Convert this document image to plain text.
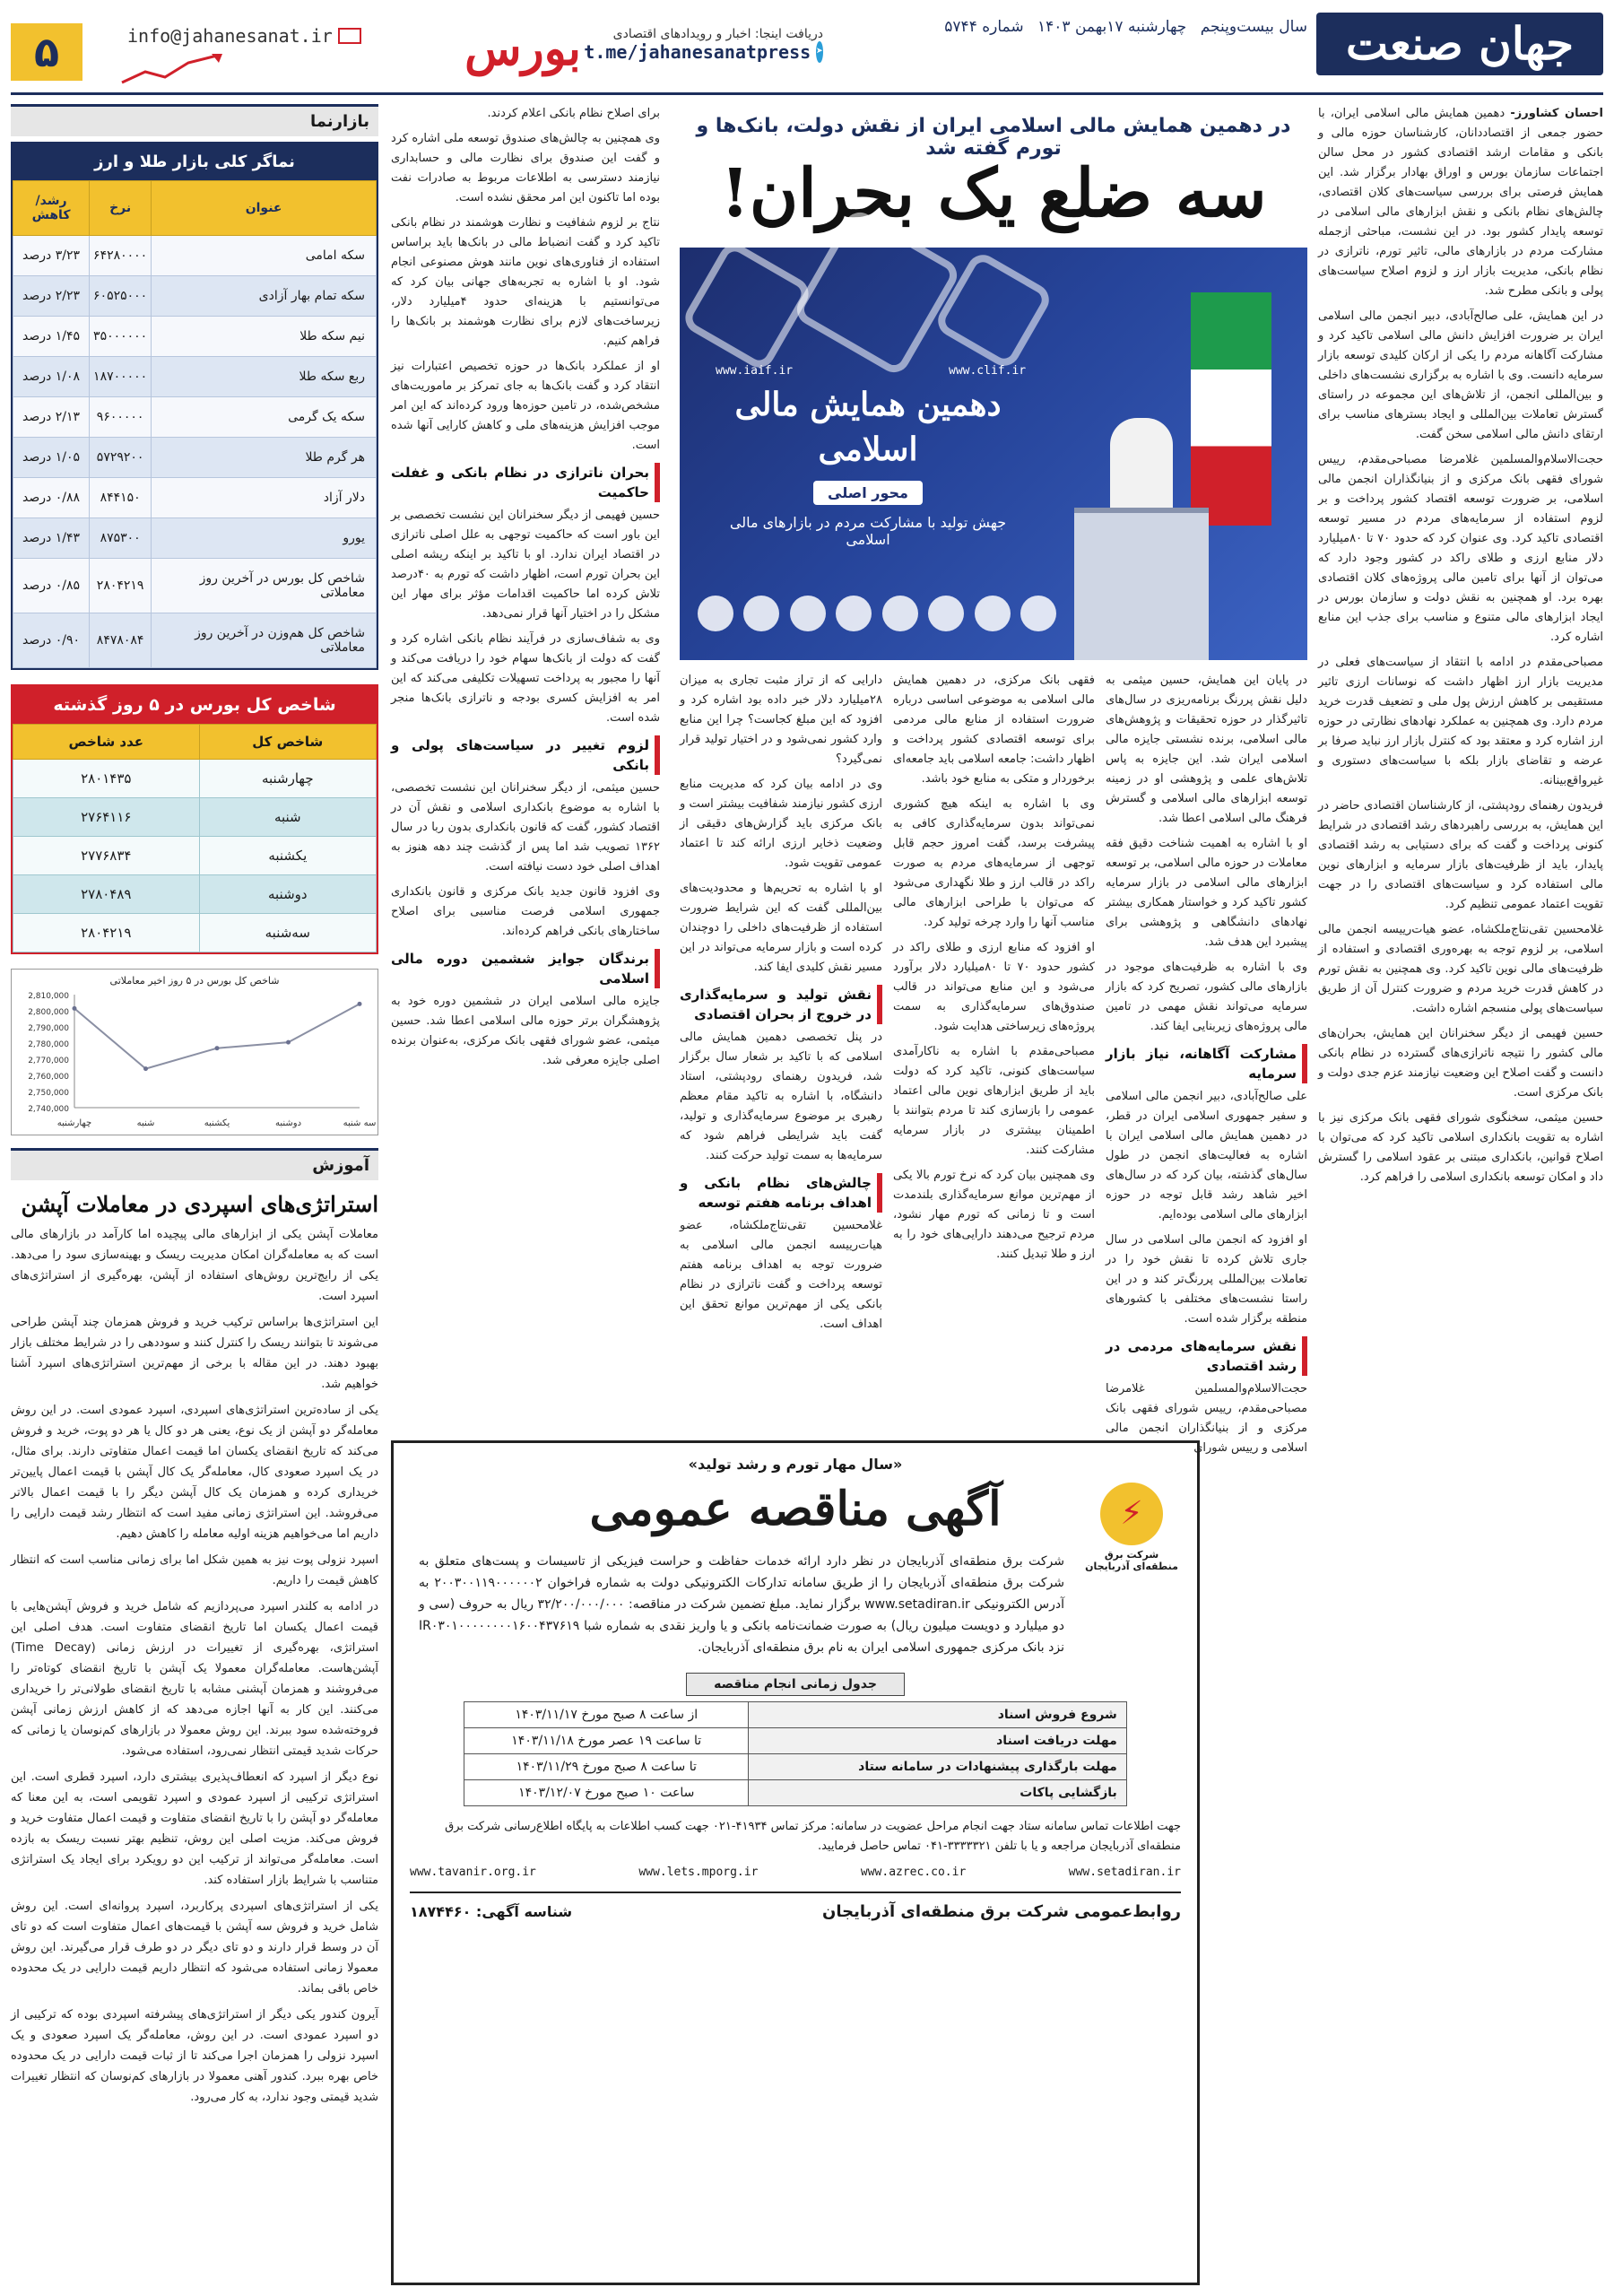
جهان صنعت
سال بیست‌وپنجم چهارشنبه ۱۷بهمن ۱۴۰۳ شماره ۵۷۴۴
دریافت اینجا: اخبار و رویدادهای اقتصادی
t.me/jahanesanatpress ➤
بورس
info@jahanesanat.ir
۵
بازارنما
نماگر کلی بازار طلا و ارز
عنوان	نرخ	رشد/کاهش
سکه امامی	۶۴۲۸۰۰۰۰	۳/۲۳ درصد
سکه تمام بهار آزادی	۶۰۵۲۵۰۰۰	۲/۲۳ درصد
نیم سکه طلا	۳۵۰۰۰۰۰۰	۱/۴۵ درصد
ربع سکه طلا	۱۸۷۰۰۰۰۰	۱/۰۸ درصد
سکه یک گرمی	۹۶۰۰۰۰۰	۲/۱۳ درصد
هر گرم طلا	۵۷۲۹۲۰۰	۱/۰۵ درصد
دلار آزاد	۸۴۴۱۵۰	۰/۸۸ درصد
یورو	۸۷۵۳۰۰	۱/۴۳ درصد
شاخص کل بورس در آخرین روز معاملاتی	۲۸۰۴۲۱۹	۰/۸۵ درصد
شاخص کل هم‌وزن در آخرین روز معاملاتی	۸۴۷۸۰۸۴	۰/۹۰ درصد
شاخص کل بورس در ۵ روز گذشته
شاخص کل	عدد شاخص
چهارشنبه	۲۸۰۱۴۳۵
شنبه	۲۷۶۴۱۱۶
یکشنبه	۲۷۷۶۸۳۴
دوشنبه	۲۷۸۰۴۸۹
سه‌شنبه	۲۸۰۴۲۱۹
شاخص کل بورس در ۵ روز اخیر معاملاتی
2,740,000
2,750,000
2,760,000
2,770,000
2,780,000
2,790,000
2,800,000
2,810,000
چهارشنبه	شنبه	یکشنبه	دوشنبه	سه شنبه
آموزش
استراتژی‌های اسپردی در معاملات آپشن

معاملات آپشن یکی از ابزارهای مالی پیچیده اما کارآمد در بازارهای مالی است که به معامله‌گران امکان مدیریت ریسک و بهینه‌سازی سود را می‌دهد. یکی از رایج‌ترین روش‌های استفاده از آپشن، بهره‌گیری از استراتژی‌های اسپرد است.

این استراتژی‌ها براساس ترکیب خرید و فروش همزمان چند آپشن طراحی می‌شوند تا بتوانند ریسک را کنترل کنند و سوددهی را در شرایط مختلف بازار بهبود دهند. در این مقاله با برخی از مهم‌ترین استراتژی‌های اسپرد آشنا خواهیم شد.

یکی از ساده‌ترین استراتژی‌های اسپردی، اسپرد عمودی است. در این روش معامله‌گر دو آپشن از یک نوع، یعنی هر دو کال یا هر دو پوت، خرید و فروش می‌کند که تاریخ انقضای یکسان اما قیمت اعمال متفاوتی دارند. برای مثال، در یک اسپرد صعودی کال، معامله‌گر یک کال آپشن با قیمت اعمال پایین‌تر خریداری کرده و همزمان یک کال آپشن دیگر را با قیمت اعمال بالاتر می‌فروشد. این استراتژی زمانی مفید است که انتظار رشد قیمت دارایی را داریم اما می‌خواهیم هزینه اولیه معامله را کاهش دهیم.

اسپرد نزولی پوت نیز به همین شکل اما برای زمانی مناسب است که انتظار کاهش قیمت را داریم.

در ادامه به کلندر اسپرد می‌پردازیم که شامل خرید و فروش آپشن‌هایی با قیمت اعمال یکسان اما تاریخ انقضای متفاوت است. هدف اصلی این استراتژی، بهره‌گیری از تغییرات در ارزش زمانی (Time Decay) آپشن‌هاست. معامله‌گران معمولا یک آپشن با تاریخ انقضای کوتاه‌تر را می‌فروشند و همزمان آپشنی مشابه با تاریخ انقضای طولانی‌تر را خریداری می‌کنند. این کار به آنها اجازه می‌دهد که از کاهش ارزش زمانی آپشن فروخته‌شده سود ببرند. این روش معمولا در بازارهای کم‌نوسان یا زمانی که حرکات شدید قیمتی انتظار نمی‌رود، استفاده می‌شود.

نوع دیگر از اسپرد که انعطاف‌پذیری بیشتری دارد، اسپرد قطری است. این استراتژی ترکیبی از اسپرد عمودی و اسپرد تقویمی است، به این معنا که معامله‌گر دو آپشن را با تاریخ انقضای متفاوت و قیمت اعمال متفاوت خرید و فروش می‌کند. مزیت اصلی این روش، تنظیم بهتر نسبت ریسک به بازده است. معامله‌گر می‌تواند از ترکیب این دو رویکرد برای ایجاد یک استراتژی متناسب با شرایط بازار استفاده کند.

یکی از استراتژی‌های اسپردی پرکاربرد، اسپرد پروانه‌ای است. این روش شامل خرید و فروش سه آپشن با قیمت‌های اعمال متفاوت است که دو تای آن در وسط قرار دارند و دو تای دیگر در دو طرف قرار می‌گیرند. این روش معمولا زمانی استفاده می‌شود که انتظار داریم قیمت دارایی در یک محدوده خاص باقی بماند.

آیرون کندور یکی دیگر از استراتژی‌های پیشرفته اسپردی بوده که ترکیبی از دو اسپرد عمودی است. در این روش، معامله‌گر یک اسپرد صعودی و یک اسپرد نزولی را همزمان اجرا می‌کند تا از ثبات قیمت دارایی در یک محدوده خاص بهره ببرد. کندور آهنی معمولا در بازارهای کم‌نوسان که انتظار تغییرات شدید قیمتی وجود ندارد، به کار می‌رود.

احسان کشاورز- دهمین همایش مالی اسلامی ایران، با حضور جمعی از اقتصاددانان، کارشناسان حوزه مالی و بانکی و مقامات ارشد اقتصادی کشور در محل سالن اجتماعات سازمان بورس و اوراق بهادار برگزار شد. این همایش فرصتی برای بررسی سیاست‌های کلان اقتصادی، چالش‌های نظام بانکی و نقش ابزارهای مالی اسلامی در توسعه پایدار کشور بود. در این نشست، مباحثی ازجمله مشارکت مردم در بازارهای مالی، تاثیر تورم، ناترازی در نظام بانکی، مدیریت بازار ارز و لزوم اصلاح سیاست‌های پولی و بانکی مطرح شد.

در این همایش، علی صالح‌آبادی، دبیر انجمن مالی اسلامی ایران بر ضرورت افزایش دانش مالی اسلامی تاکید کرد و مشارکت آگاهانه مردم را یکی از ارکان کلیدی توسعه بازار سرمایه دانست. وی با اشاره به برگزاری نشست‌های داخلی و بین‌المللی انجمن، از تلاش‌های این مجموعه در راستای گسترش تعاملات بین‌المللی و ایجاد بسترهای مناسب برای ارتقای دانش مالی اسلامی سخن گفت.

حجت‌الاسلام‌والمسلمین غلامرضا مصباحی‌مقدم، رییس شورای فقهی بانک مرکزی و از بنیانگذاران انجمن مالی اسلامی، بر ضرورت توسعه اقتصاد کشور پرداخت و بر لزوم استفاده از سرمایه‌های مردم در مسیر توسعه اقتصادی تاکید کرد. وی عنوان کرد که حدود ۷۰ تا ۸۰میلیارد دلار منابع ارزی و طلای راکد در کشور وجود دارد که می‌توان از آنها برای تامین مالی پروژه‌های کلان اقتصادی بهره برد. او همچنین به نقش دولت و سازمان بورس در ایجاد ابزارهای مالی متنوع و مناسب برای جذب این منابع اشاره کرد.

مصباحی‌مقدم در ادامه با انتقاد از سیاست‌های فعلی در مدیریت بازار ارز اظهار داشت که نوسانات ارزی تاثیر مستقیمی بر کاهش ارزش پول ملی و تضعیف قدرت خرید مردم دارد. وی همچنین به عملکرد نهادهای نظارتی در حوزه ارز اشاره کرد و معتقد بود که کنترل بازار ارز نباید صرفا بر عرضه و تقاضای بازار بلکه با سیاست‌های دستوری و غیرواقع‌بینانه.

فریدون رهنمای رودپشتی، از کارشناسان اقتصادی حاضر در این همایش، به بررسی راهبردهای رشد اقتصادی در شرایط کنونی پرداخت و گفت که برای دستیابی به رشد اقتصادی پایدار، باید از ظرفیت‌های بازار سرمایه و ابزارهای نوین مالی استفاده کرد و سیاست‌های اقتصادی را در جهت تقویت اعتماد عمومی تنظیم کرد.

غلامحسین تقی‌نتاج‌ملکشاه، عضو هیات‌رییسه انجمن مالی اسلامی، بر لزوم توجه به بهره‌وری اقتصادی و استفاده از ظرفیت‌های مالی نوین تاکید کرد. وی همچنین به نقش تورم در کاهش قدرت خرید مردم و ضرورت کنترل آن از طریق سیاست‌های پولی منسجم اشاره داشت.

حسین فهیمی از دیگر سخنرانان این همایش، بحران‌های مالی کشور را نتیجه ناترازی‌های گسترده در نظام بانکی دانست و گفت اصلاح این وضعیت نیازمند عزم جدی دولت و بانک مرکزی است.

حسین میثمی، سخنگوی شورای فقهی بانک مرکزی نیز با اشاره به تقویت بانکداری اسلامی تاکید کرد که می‌توان با اصلاح قوانین، بانکداری مبتنی بر عقود اسلامی را گسترش داد و امکان توسعه بانکداری اسلامی را فراهم کرد.

در دهمین همایش مالی اسلامی ایران از نقش دولت، بانک‌ها و تورم گفته شد
سه ضلع یک بحران!
www.iaif.ir	www.clif.ir
دهمین همایش مالی اسلامی
محور اصلی
جهش تولید با مشارکت مردم در بازارهای مالی اسلامی

برای اصلاح نظام بانکی اعلام کردند.

وی همچنین به چالش‌های صندوق توسعه ملی اشاره کرد و گفت این صندوق برای نظارت مالی و حسابداری نیازمند دسترسی به اطلاعات مربوط به صادرات نفت بوده اما تاکنون این امر محقق نشده است.

نتاج بر لزوم شفافیت و نظارت هوشمند در نظام بانکی تاکید کرد و گفت انضباط مالی در بانک‌ها باید براساس استفاده از فناوری‌های نوین مانند هوش مصنوعی انجام شود. او با اشاره به تجربه‌های جهانی بیان کرد که می‌توانستیم با هزینه‌ای حدود ۴میلیارد دلار، زیرساخت‌های لازم برای نظارت هوشمند بر بانک‌ها را فراهم کنیم.

او از عملکرد بانک‌ها در حوزه تخصیص اعتبارات نیز انتقاد کرد و گفت بانک‌ها به جای تمرکز بر ماموریت‌های مشخص‌شده، در تامین حوزه‌ها ورود کرده‌اند که این امر موجب افزایش هزینه‌های ملی و کاهش کارایی آنها شده است.

بحران ناترازی در نظام بانکی و غفلت حاکمیت

حسین فهیمی از دیگر سخنرانان این نشست تخصصی بر این باور است که حاکمیت توجهی به علل اصلی ناترازی در اقتصاد ایران ندارد. او با تاکید بر اینکه ریشه اصلی این بحران تورم است، اظهار داشت که تورم به ۴۰درصد تلاش کرده اما حاکمیت اقدامات مؤثر برای مهار این مشکل را در اختیار آنها قرار نمی‌دهد.

وی به شفاف‌سازی در فرآیند نظام بانکی اشاره کرد و گفت که دولت از بانک‌ها سهام خود را دریافت می‌کند و آنها را مجبور به پرداخت تسهیلات تکلیفی می‌کند که این امر به افزایش کسری بودجه و ناترازی بانک‌ها منجر شده است.

لزوم تغییر در سیاست‌های پولی و بانکی

حسین میثمی، از دیگر سخنرانان این نشست تخصصی، با اشاره به موضوع بانکداری اسلامی و نقش آن در اقتصاد کشور، گفت که قانون بانکداری بدون ربا در سال ۱۳۶۲ تصویب شد اما پس از گذشت چند دهه هنوز به اهداف اصلی خود دست نیافته است.

وی افزود قانون جدید بانک مرکزی و قانون بانکداری جمهوری اسلامی فرصت مناسبی برای اصلاح ساختارهای بانکی فراهم کرده‌اند.

برندگان جوایز ششمین دوره مالی اسلامی

جایزه مالی اسلامی ایران در ششمین دوره خود به پژوهشگران برتر حوزه مالی اسلامی اعطا شد. حسین میثمی، عضو شورای فقهی بانک مرکزی، به‌عنوان برنده اصلی جایزه معرفی شد.

در پایان این همایش، حسین میثمی به دلیل نقش پررنگ برنامه‌ریزی در سال‌های تاثیرگذار در حوزه تحقیقات و پژوهش‌های مالی اسلامی، برنده نشستی جایزه مالی اسلامی ایران شد. این جایزه به پاس تلاش‌های علمی و پژوهشی او در زمینه توسعه ابزارهای مالی اسلامی و گسترش فرهنگ مالی اسلامی اعطا شد.

او با اشاره به اهمیت شناخت دقیق فقه معاملات در حوزه مالی اسلامی، بر توسعه ابزارهای مالی اسلامی در بازار سرمایه کشور تاکید کرد و خواستار همکاری بیشتر نهادهای دانشگاهی و پژوهشی برای پیشبرد این هدف شد.

وی با اشاره به ظرفیت‌های موجود در بازارهای مالی کشور، تصریح کرد که بازار سرمایه می‌تواند نقش مهمی در تامین مالی پروژه‌های زیربنایی ایفا کند.

مشارکت آگاهانه، نیاز بازار سرمایه

علی صالح‌آبادی، دبیر انجمن مالی اسلامی و سفیر جمهوری اسلامی ایران در قطر، در دهمین همایش مالی اسلامی ایران با اشاره به فعالیت‌های انجمن در طول سال‌های گذشته، بیان کرد که در سال‌های اخیر شاهد رشد قابل توجه در حوزه ابزارهای مالی اسلامی بوده‌ایم.

او افزود که انجمن مالی اسلامی در سال جاری تلاش کرده تا نقش خود را در تعاملات بین‌المللی پررنگ‌تر کند و در این راستا نشست‌های مختلفی با کشورهای منطقه برگزار شده است.

نقش سرمایه‌های مردمی در رشد اقتصادی

حجت‌الاسلام‌والمسلمین غلامرضا مصباحی‌مقدم، رییس شورای فقهی بانک مرکزی و از بنیانگذاران انجمن مالی اسلامی و رییس شورای

فقهی بانک مرکزی، در دهمین همایش مالی اسلامی به موضوعی اساسی درباره ضرورت استفاده از منابع مالی مردمی برای توسعه اقتصادی کشور پرداخت و اظهار داشت: جامعه اسلامی باید جامعه‌ای برخوردار و متکی به منابع خود باشد.

وی با اشاره به اینکه هیچ کشوری نمی‌تواند بدون سرمایه‌گذاری کافی به پیشرفت برسد، گفت امروز حجم قابل توجهی از سرمایه‌های مردم به صورت راکد در قالب ارز و طلا نگهداری می‌شود که می‌توان با طراحی ابزارهای مالی مناسب آنها را وارد چرخه تولید کرد.

او افزود که منابع ارزی و طلای راکد در کشور حدود ۷۰ تا ۸۰میلیارد دلار برآورد می‌شود و این منابع می‌تواند در قالب صندوق‌های سرمایه‌گذاری به سمت پروژه‌های زیرساختی هدایت شود.

مصباحی‌مقدم با اشاره به ناکارآمدی سیاست‌های کنونی، تاکید کرد که دولت باید از طریق ابزارهای نوین مالی اعتماد عمومی را بازسازی کند تا مردم بتوانند با اطمینان بیشتری در بازار سرمایه مشارکت کنند.

وی همچنین بیان کرد که نرخ تورم بالا یکی از مهم‌ترین موانع سرمایه‌گذاری بلندمدت است و تا زمانی که تورم مهار نشود، مردم ترجیح می‌دهند دارایی‌های خود را به ارز و طلا تبدیل کنند.

دارایی که از تراز مثبت تجاری به میزان ۲۸میلیارد دلار خبر داده بود اشاره کرد و افزود که این مبلغ کجاست؟ چرا این منابع وارد کشور نمی‌شود و در اختیار تولید قرار نمی‌گیرد؟

وی در ادامه بیان کرد که مدیریت منابع ارزی کشور نیازمند شفافیت بیشتر است و بانک مرکزی باید گزارش‌های دقیقی از وضعیت ذخایر ارزی ارائه کند تا اعتماد عمومی تقویت شود.

او با اشاره به تحریم‌ها و محدودیت‌های بین‌المللی گفت که این شرایط ضرورت استفاده از ظرفیت‌های داخلی را دوچندان کرده است و بازار سرمایه می‌تواند در این مسیر نقش کلیدی ایفا کند.

نقش تولید و سرمایه‌گذاری در خروج از بحران اقتصادی

در پنل تخصصی دهمین همایش مالی اسلامی که با تاکید بر شعار سال برگزار شد، فریدون رهنمای رودپشتی، استاد دانشگاه، با اشاره به تاکید مقام معظم رهبری بر موضوع سرمایه‌گذاری و تولید، گفت باید شرایطی فراهم شود که سرمایه‌ها به سمت تولید حرکت کنند.

چالش‌های نظام بانکی و اهداف برنامه هفتم توسعه

غلامحسین تقی‌نتاج‌ملکشاه، عضو هیات‌رییسه انجمن مالی اسلامی به ضرورت توجه به اهداف برنامه هفتم توسعه پرداخت و گفت ناترازی در نظام بانکی یکی از مهم‌ترین موانع تحقق این اهداف است.

«سال مهار تورم و رشد تولید»
⚡
شرکت برق منطقه‌ای آذربایجان
آگهی مناقصه عمومی

شرکت برق منطقه‌ای آذربایجان در نظر دارد ارائه خدمات حفاظت و حراست فیزیکی از تاسیسات و پست‌های متعلق به شرکت برق منطقه‌ای آذربایجان را از طریق سامانه تدارکات الکترونیکی دولت به شماره فراخوان ۲۰۰۳۰۰۱۱۹۰۰۰۰۰۰۲ به آدرس الکترونیکی www.setadiran.ir برگزار نماید. مبلغ تضمین شرکت در مناقصه: ۳۲/۲۰۰/۰۰۰/۰۰۰ ریال به حروف (سی و دو میلیارد و دویست میلیون ریال) به صورت ضمانت‌نامه بانکی و یا واریز نقدی به شماره شبا IR۰۳۰۱۰۰۰۰۰۰۰۰۱۶۰۰۴۳۷۶۱۹ نزد بانک مرکزی جمهوری اسلامی ایران به نام برق منطقه‌ای آذربایجان.

جدول زمانی انجام مناقصه
شروع فروش اسناد	از ساعت ۸ صبح مورخ ۱۴۰۳/۱۱/۱۷
مهلت دریافت اسناد	تا ساعت ۱۹ عصر مورخ ۱۴۰۳/۱۱/۱۸
مهلت بارگذاری پیشنهادات در سامانه ستاد	تا ساعت ۸ صبح مورخ ۱۴۰۳/۱۱/۲۹
بازگشایی پاکات	ساعت ۱۰ صبح مورخ ۱۴۰۳/۱۲/۰۷

جهت اطلاعات تماس سامانه ستاد جهت انجام مراحل عضویت در سامانه: مرکز تماس ۴۱۹۳۴-۰۲۱ جهت کسب اطلاعات به پایگاه اطلاع‌رسانی شرکت برق منطقه‌ای آذربایجان مراجعه و یا با تلفن ۳۳۳۳۳۲۱-۰۴۱ تماس حاصل فرمایید.

www.tavanir.org.ir	www.lets.mporg.ir	www.azrec.co.ir	www.setadiran.ir
روابط‌عمومی شرکت برق منطقه‌ای آذربایجان
شناسه آگهی: ۱۸۷۴۴۶۰
